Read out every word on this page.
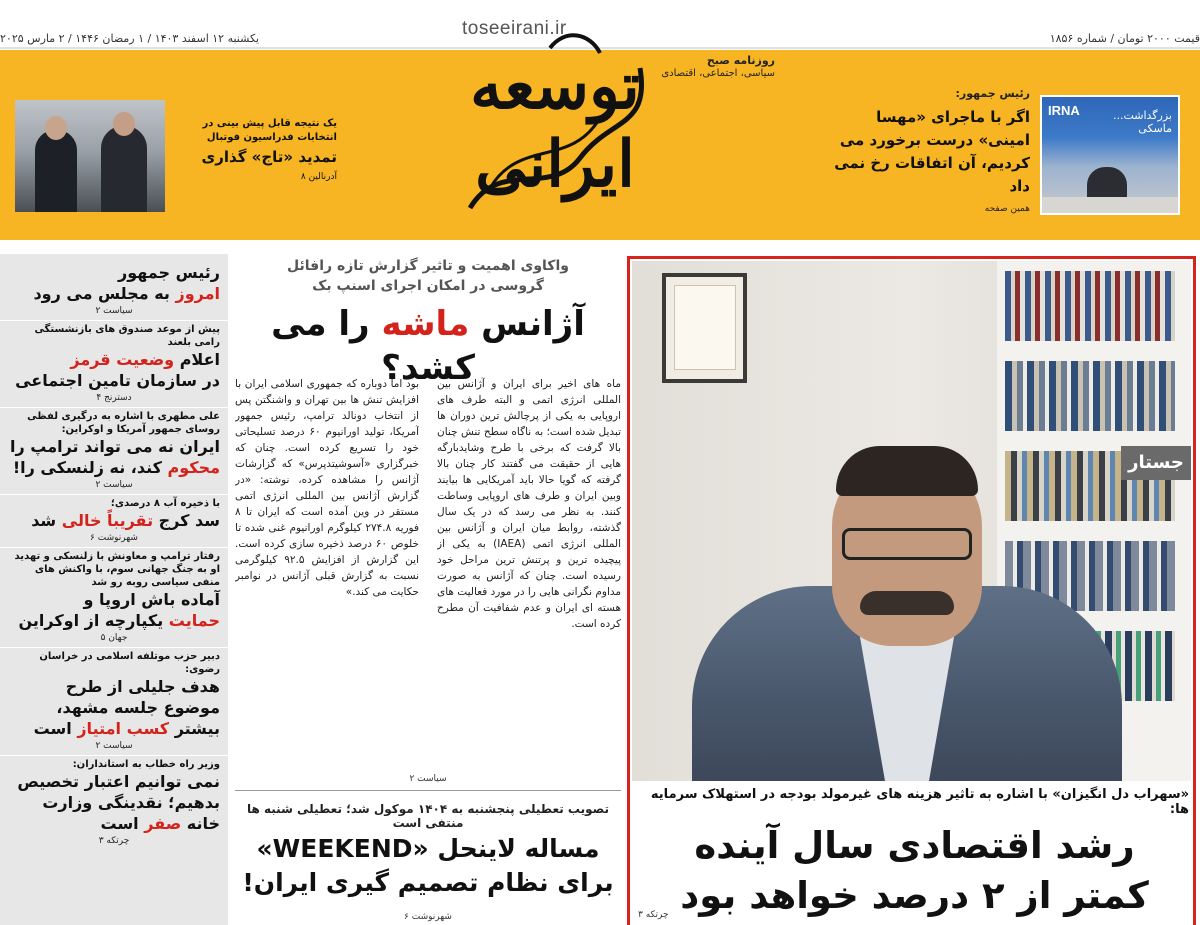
یکشنبه ۱۲ اسفند ۱۴۰۳ / ۱ رمضان ۱۴۴۶ / ۲ مارس ۲۰۲۵	toseeirani.ir	قیمت ۲۰۰۰ تومان / شماره ۱۸۵۶
توسعه ایرانی
روزنامه صبح
سیاسی، اجتماعی، اقتصادی
IRNA	بزرگداشت... ماسکی
رئیس جمهور:
اگر با ماجرای «مهسا امینی» درست برخورد می کردیم، آن اتفاقات رخ نمی داد
همین صفحه
یک نتیجه قابل پیش بینی در انتخابات فدراسیون فوتبال
تمدید «تاج» گذاری
آدرنالین ۸
رئیس جمهور
امروز به مجلس می رود
سیاست ۲
پیش از موعد صندوق های بازنشستگی رامی بلعند
اعلام وضعیت قرمز
در سازمان تامین اجتماعی
دسترنج ۴
علی مطهری با اشاره به درگیری لفظی روسای جمهور آمریکا و اوکراین:
ایران نه می تواند ترامپ را
محکوم کند، نه زلنسکی را!
سیاست ۲
با ذخیره آب ۸ درصدی؛
سد کرج تقریباً خالی شد
شهرنوشت ۶
رفتار ترامپ و معاونش با زلنسکی و تهدید او به جنگ جهانی سوم، با واکنش های منفی سیاسی روبه رو شد
آماده باش اروپا و
حمایت یکپارچه از اوکراین
جهان ۵
دبیر حزب موتلفه اسلامی در خراسان رضوی:
هدف جلیلی از طرح موضوع جلسه مشهد، بیشتر کسب امتیاز است
سیاست ۲
وزیر راه خطاب به استانداران:
نمی توانیم اعتبار تخصیص بدهیم؛ نقدینگی وزارت خانه صفر است
چرتکه ۳
واکاوی اهمیت و تاثیر گزارش تازه رافائل گروسی در امکان اجرای اسنپ بک
آژانس ماشه را می کشد؟
ماه های اخیر برای ایران و آژانس بین المللی انرژی اتمی و البته طرف های اروپایی به یکی از پرچالش ترین دوران ها تبدیل شده است؛ به ناگاه سطح تنش چنان بالا گرفت که برخی با طرح وشایدبارگه هایی از حقیقت می گفتند کار چنان بالا گرفته که گویا حالا باید آمریکایی ها بیایند وبین ایران و طرف های اروپایی وساطت کنند. به نظر می رسد که در یک سال گذشته، روابط میان ایران و آژانس بین المللی انرژی اتمی (IAEA) به یکی از پیچیده ترین و پرتنش ترین مراحل خود رسیده است. چنان که آژانس به صورت مداوم نگرانی هایی را در مورد فعالیت های هسته ای ایران و عدم شفافیت آن مطرح کرده است.
بود اما دوباره که جمهوری اسلامی ایران با افزایش تنش ها بین تهران و واشنگتن پس از انتخاب دونالد ترامپ، رئیس جمهور آمریکا، تولید اورانیوم ۶۰ درصد تسلیحاتی خود را تسریع کرده است. چنان که خبرگزاری «آسوشیتدپرس» که گزارشات آژانس را مشاهده کرده، نوشته: «در گزارش آژانس بین المللی انرژی اتمی مستقر در وین آمده است که ایران تا ۸ فوریه ۲۷۴.۸ کیلوگرم اورانیوم غنی شده تا خلوص ۶۰ درصد ذخیره سازی کرده است. این گزارش از افزایش ۹۲.۵ کیلوگرمی نسبت به گزارش قبلی آژانس در نوامبر حکایت می کند.»
سیاست ۲
تصویب تعطیلی پنجشنبه به ۱۴۰۴ موکول شد؛ تعطیلی شنبه ها منتفی است
مساله لاینحل «WEEKEND»
برای نظام تصمیم گیری ایران!
شهرنوشت ۶
جستار
«سهراب دل انگیزان» با اشاره به تاثیر هزینه های غیرمولد بودجه در استهلاک سرمایه ها:
رشد اقتصادی سال آینده
کمتر از ۲ درصد خواهد بود
چرتکه ۳
